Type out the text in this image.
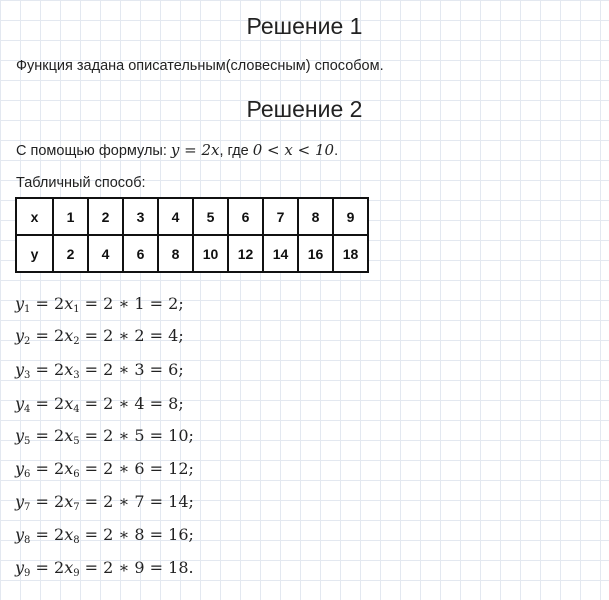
Решение 1

Функция задана описательным(словесным) способом.

Решение 2

С помощью формулы: y = 2x, где 0 < x < 10.

Табличный способ:

x	1	2	3	4	5	6	7	8	9
y	2	4	6	8	10	12	14	16	18
$y_1 = 2x_1 = 2$ ∗ 1 = 2;
$y_2 = 2x_2 = 2$ ∗ 2 = 4;
$y_3 = 2x_3 = 2$ ∗ 3 = 6;
$y_4 = 2x_4 = 2$ ∗ 4 = 8;
$y_5 = 2x_5 = 2$ ∗ 5 = 10;
$y_6 = 2x_6 = 2$ ∗ 6 = 12;
$y_7 = 2x_7 = 2$ ∗ 7 = 14;
$y_8 = 2x_8 = 2$ ∗ 8 = 16;
$y_9 = 2x_9 = 2$ ∗ 9 = 18.
